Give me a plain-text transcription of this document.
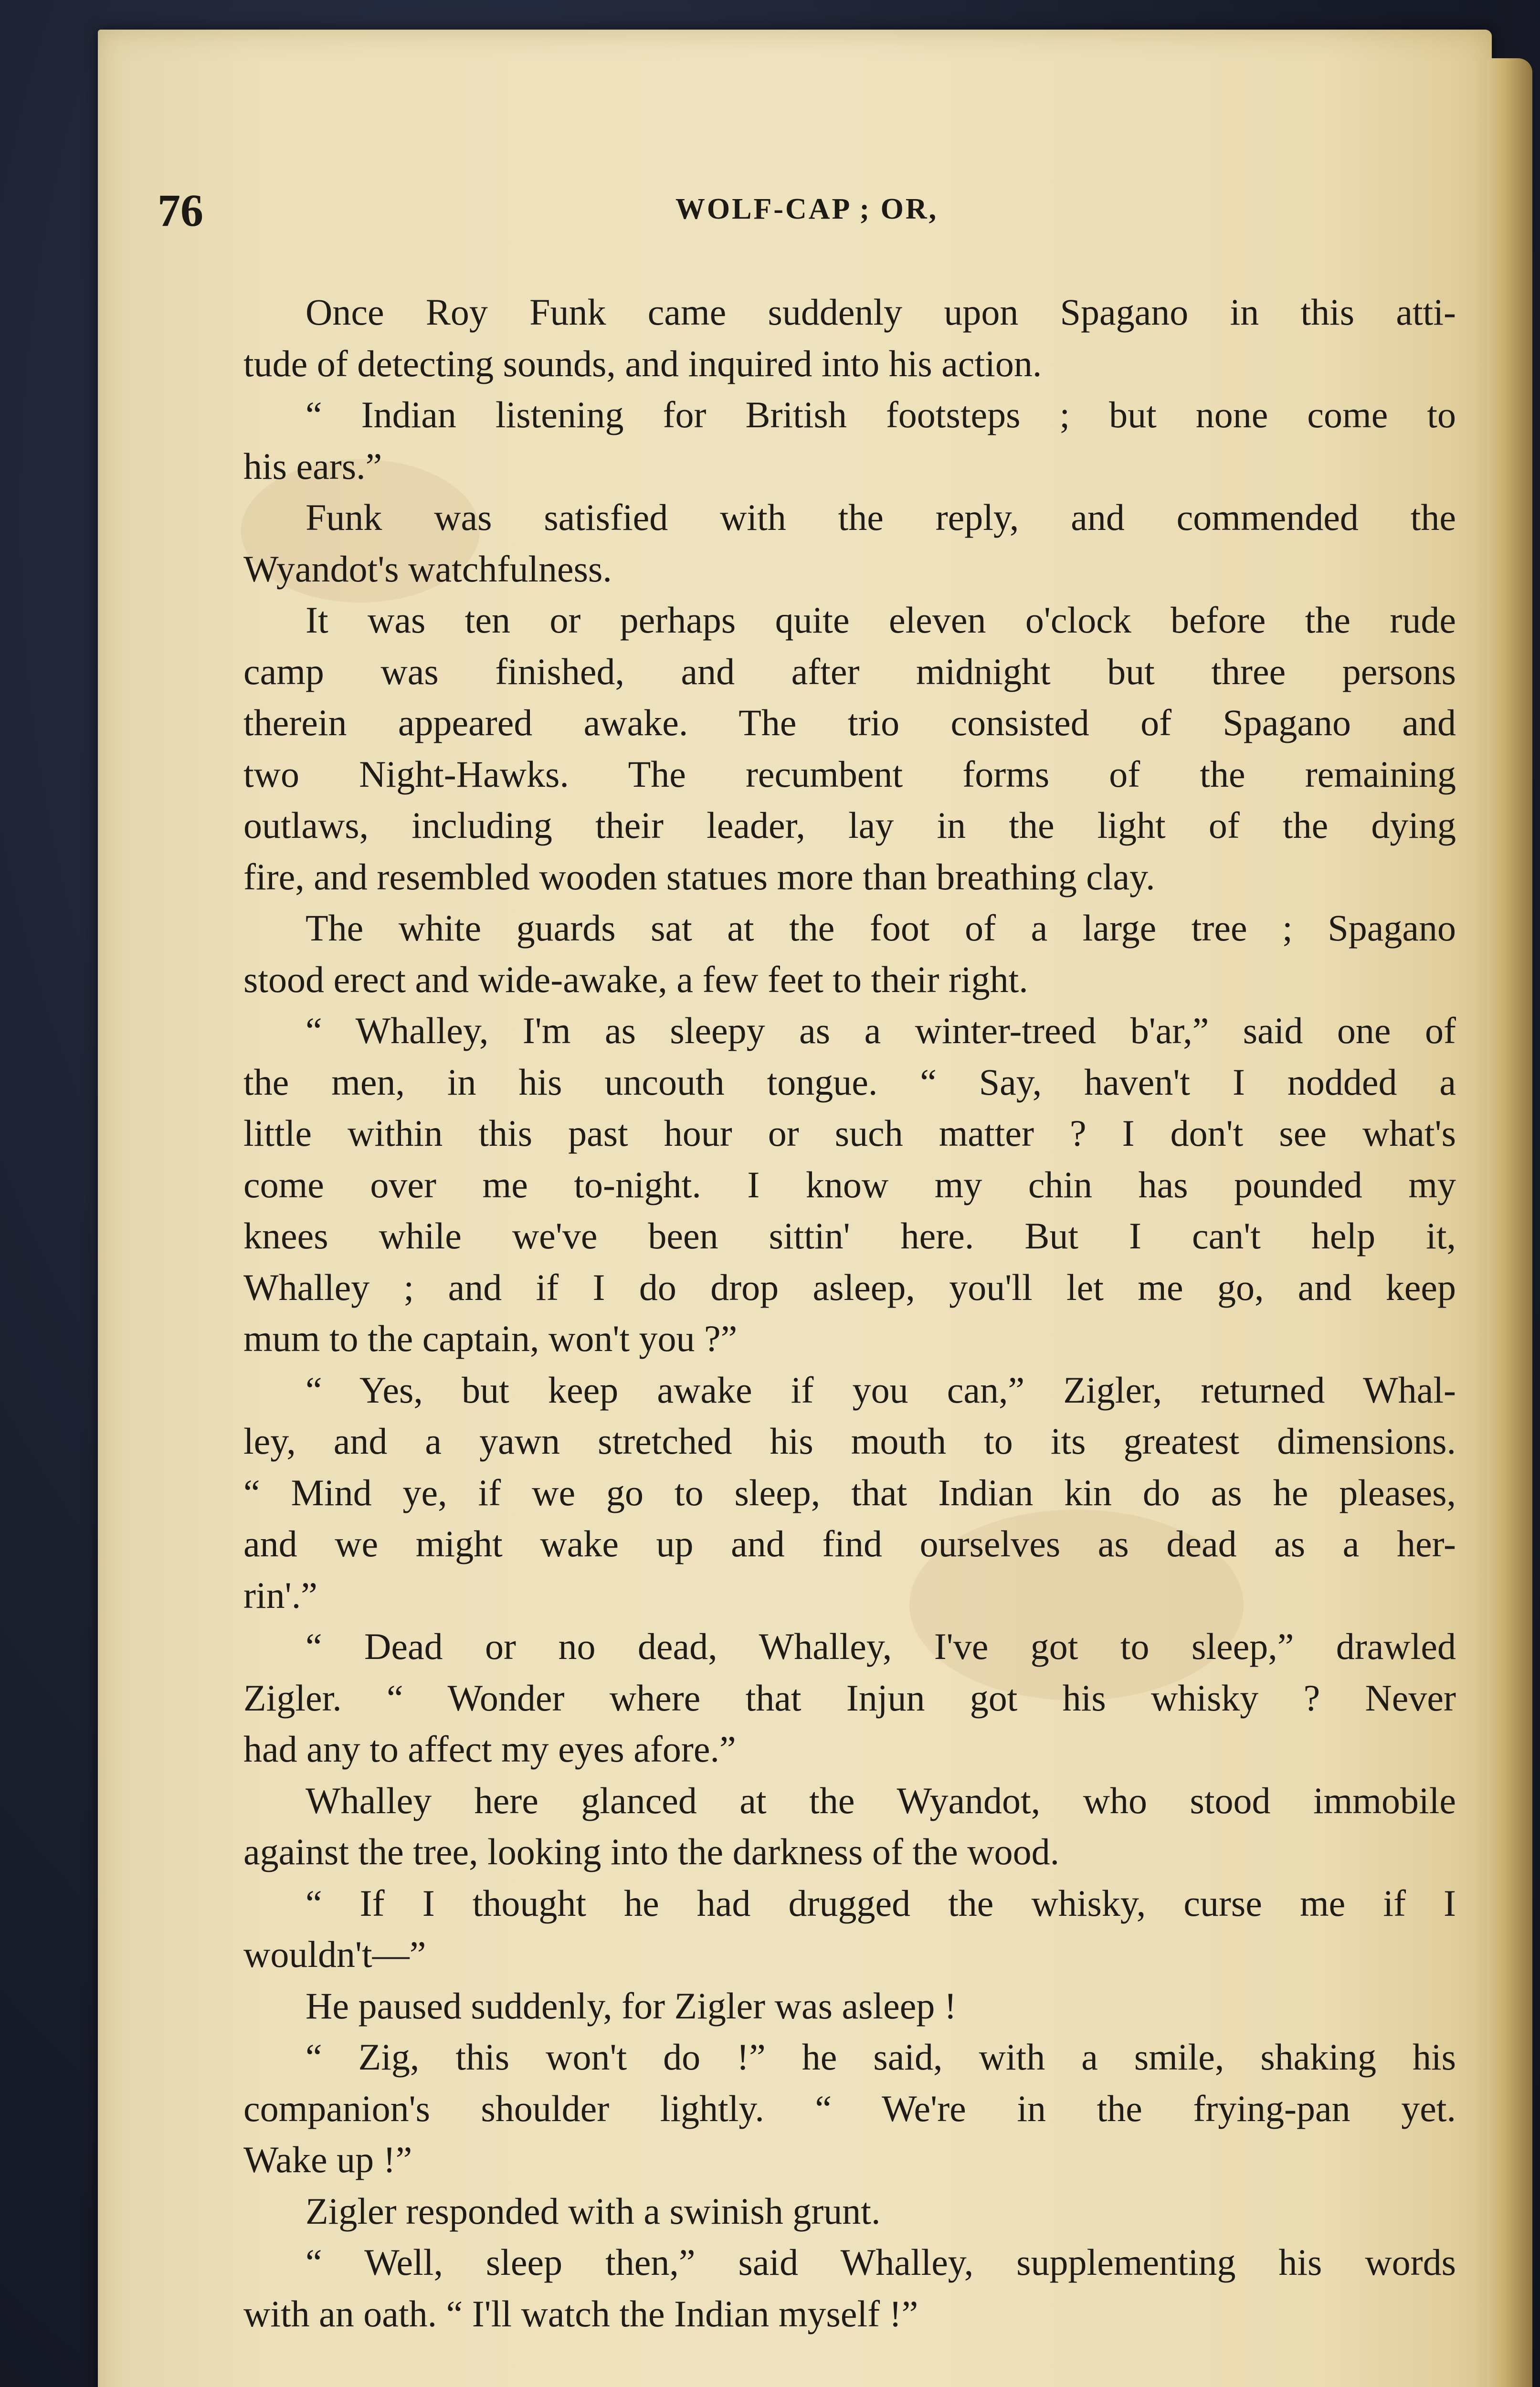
76	WOLF-CAP ; OR,
Once Roy Funk came suddenly upon Spagano in this atti-
tude of detecting sounds, and inquired into his action.
“ Indian listening for British footsteps ; but none come to
his ears.”
Funk was satisfied with the reply, and commended the
Wyandot's watchfulness.
It was ten or perhaps quite eleven o'clock before the rude
camp was finished, and after midnight but three persons
therein appeared awake. The trio consisted of Spagano and
two Night-Hawks. The recumbent forms of the remaining
outlaws, including their leader, lay in the light of the dying
fire, and resembled wooden statues more than breathing clay.
The white guards sat at the foot of a large tree ; Spagano
stood erect and wide-awake, a few feet to their right.
“ Whalley, I'm as sleepy as a winter-treed b'ar,” said one of
the men, in his uncouth tongue. “ Say, haven't I nodded a
little within this past hour or such matter ? I don't see what's
come over me to-night. I know my chin has pounded my
knees while we've been sittin' here. But I can't help it,
Whalley ; and if I do drop asleep, you'll let me go, and keep
mum to the captain, won't you ?”
“ Yes, but keep awake if you can,” Zigler, returned Whal-
ley, and a yawn stretched his mouth to its greatest dimensions.
“ Mind ye, if we go to sleep, that Indian kin do as he pleases,
and we might wake up and find ourselves as dead as a her-
rin'.”
“ Dead or no dead, Whalley, I've got to sleep,” drawled
Zigler. “ Wonder where that Injun got his whisky ? Never
had any to affect my eyes afore.”
Whalley here glanced at the Wyandot, who stood immobile
against the tree, looking into the darkness of the wood.
“ If I thought he had drugged the whisky, curse me if I
wouldn't—”
He paused suddenly, for Zigler was asleep !
“ Zig, this won't do !” he said, with a smile, shaking his
companion's shoulder lightly. “ We're in the frying-pan yet.
Wake up !”
Zigler responded with a swinish grunt.
“ Well, sleep then,” said Whalley, supplementing his words
with an oath. “ I'll watch the Indian myself !”
